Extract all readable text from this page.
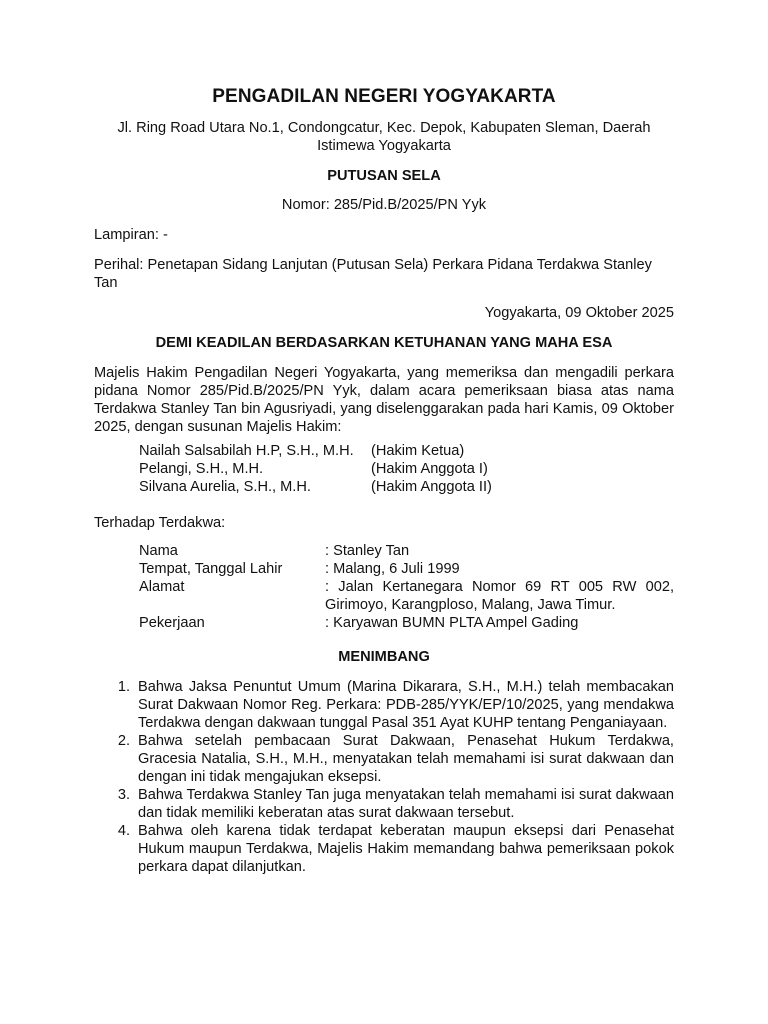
PENGADILAN NEGERI YOGYAKARTA
Jl. Ring Road Utara No.1, Condongcatur, Kec. Depok, Kabupaten Sleman, Daerah Istimewa Yogyakarta
PUTUSAN SELA
Nomor: 285/Pid.B/2025/PN Yyk
Lampiran: -
Perihal: Penetapan Sidang Lanjutan (Putusan Sela) Perkara Pidana Terdakwa Stanley Tan
Yogyakarta, 09 Oktober 2025
DEMI KEADILAN BERDASARKAN KETUHANAN YANG MAHA ESA
Majelis Hakim Pengadilan Negeri Yogyakarta, yang memeriksa dan mengadili perkara pidana Nomor 285/Pid.B/2025/PN Yyk, dalam acara pemeriksaan biasa atas nama Terdakwa Stanley Tan bin Agusriyadi, yang diselenggarakan pada hari Kamis, 09 Oktober 2025, dengan susunan Majelis Hakim:
Nailah Salsabilah H.P, S.H., M.H.	(Hakim Ketua)
Pelangi, S.H., M.H.	(Hakim Anggota I)
Silvana Aurelia, S.H., M.H.	(Hakim Anggota II)
Terhadap Terdakwa:
Nama	: Stanley Tan
Tempat, Tanggal Lahir	: Malang, 6 Juli 1999
Alamat	: Jalan Kertanegara Nomor 69 RT 005 RW 002, Girimoyo, Karangploso, Malang, Jawa Timur.
Pekerjaan	: Karyawan BUMN PLTA Ampel Gading
MENIMBANG
1. Bahwa Jaksa Penuntut Umum (Marina Dikarara, S.H., M.H.) telah membacakan Surat Dakwaan Nomor Reg. Perkara: PDB-285/YYK/EP/10/2025, yang mendakwa Terdakwa dengan dakwaan tunggal Pasal 351 Ayat KUHP tentang Penganiayaan.
2. Bahwa setelah pembacaan Surat Dakwaan, Penasehat Hukum Terdakwa, Gracesia Natalia, S.H., M.H., menyatakan telah memahami isi surat dakwaan dan dengan ini tidak mengajukan eksepsi.
3. Bahwa Terdakwa Stanley Tan juga menyatakan telah memahami isi surat dakwaan dan tidak memiliki keberatan atas surat dakwaan tersebut.
4. Bahwa oleh karena tidak terdapat keberatan maupun eksepsi dari Penasehat Hukum maupun Terdakwa, Majelis Hakim memandang bahwa pemeriksaan pokok perkara dapat dilanjutkan.
